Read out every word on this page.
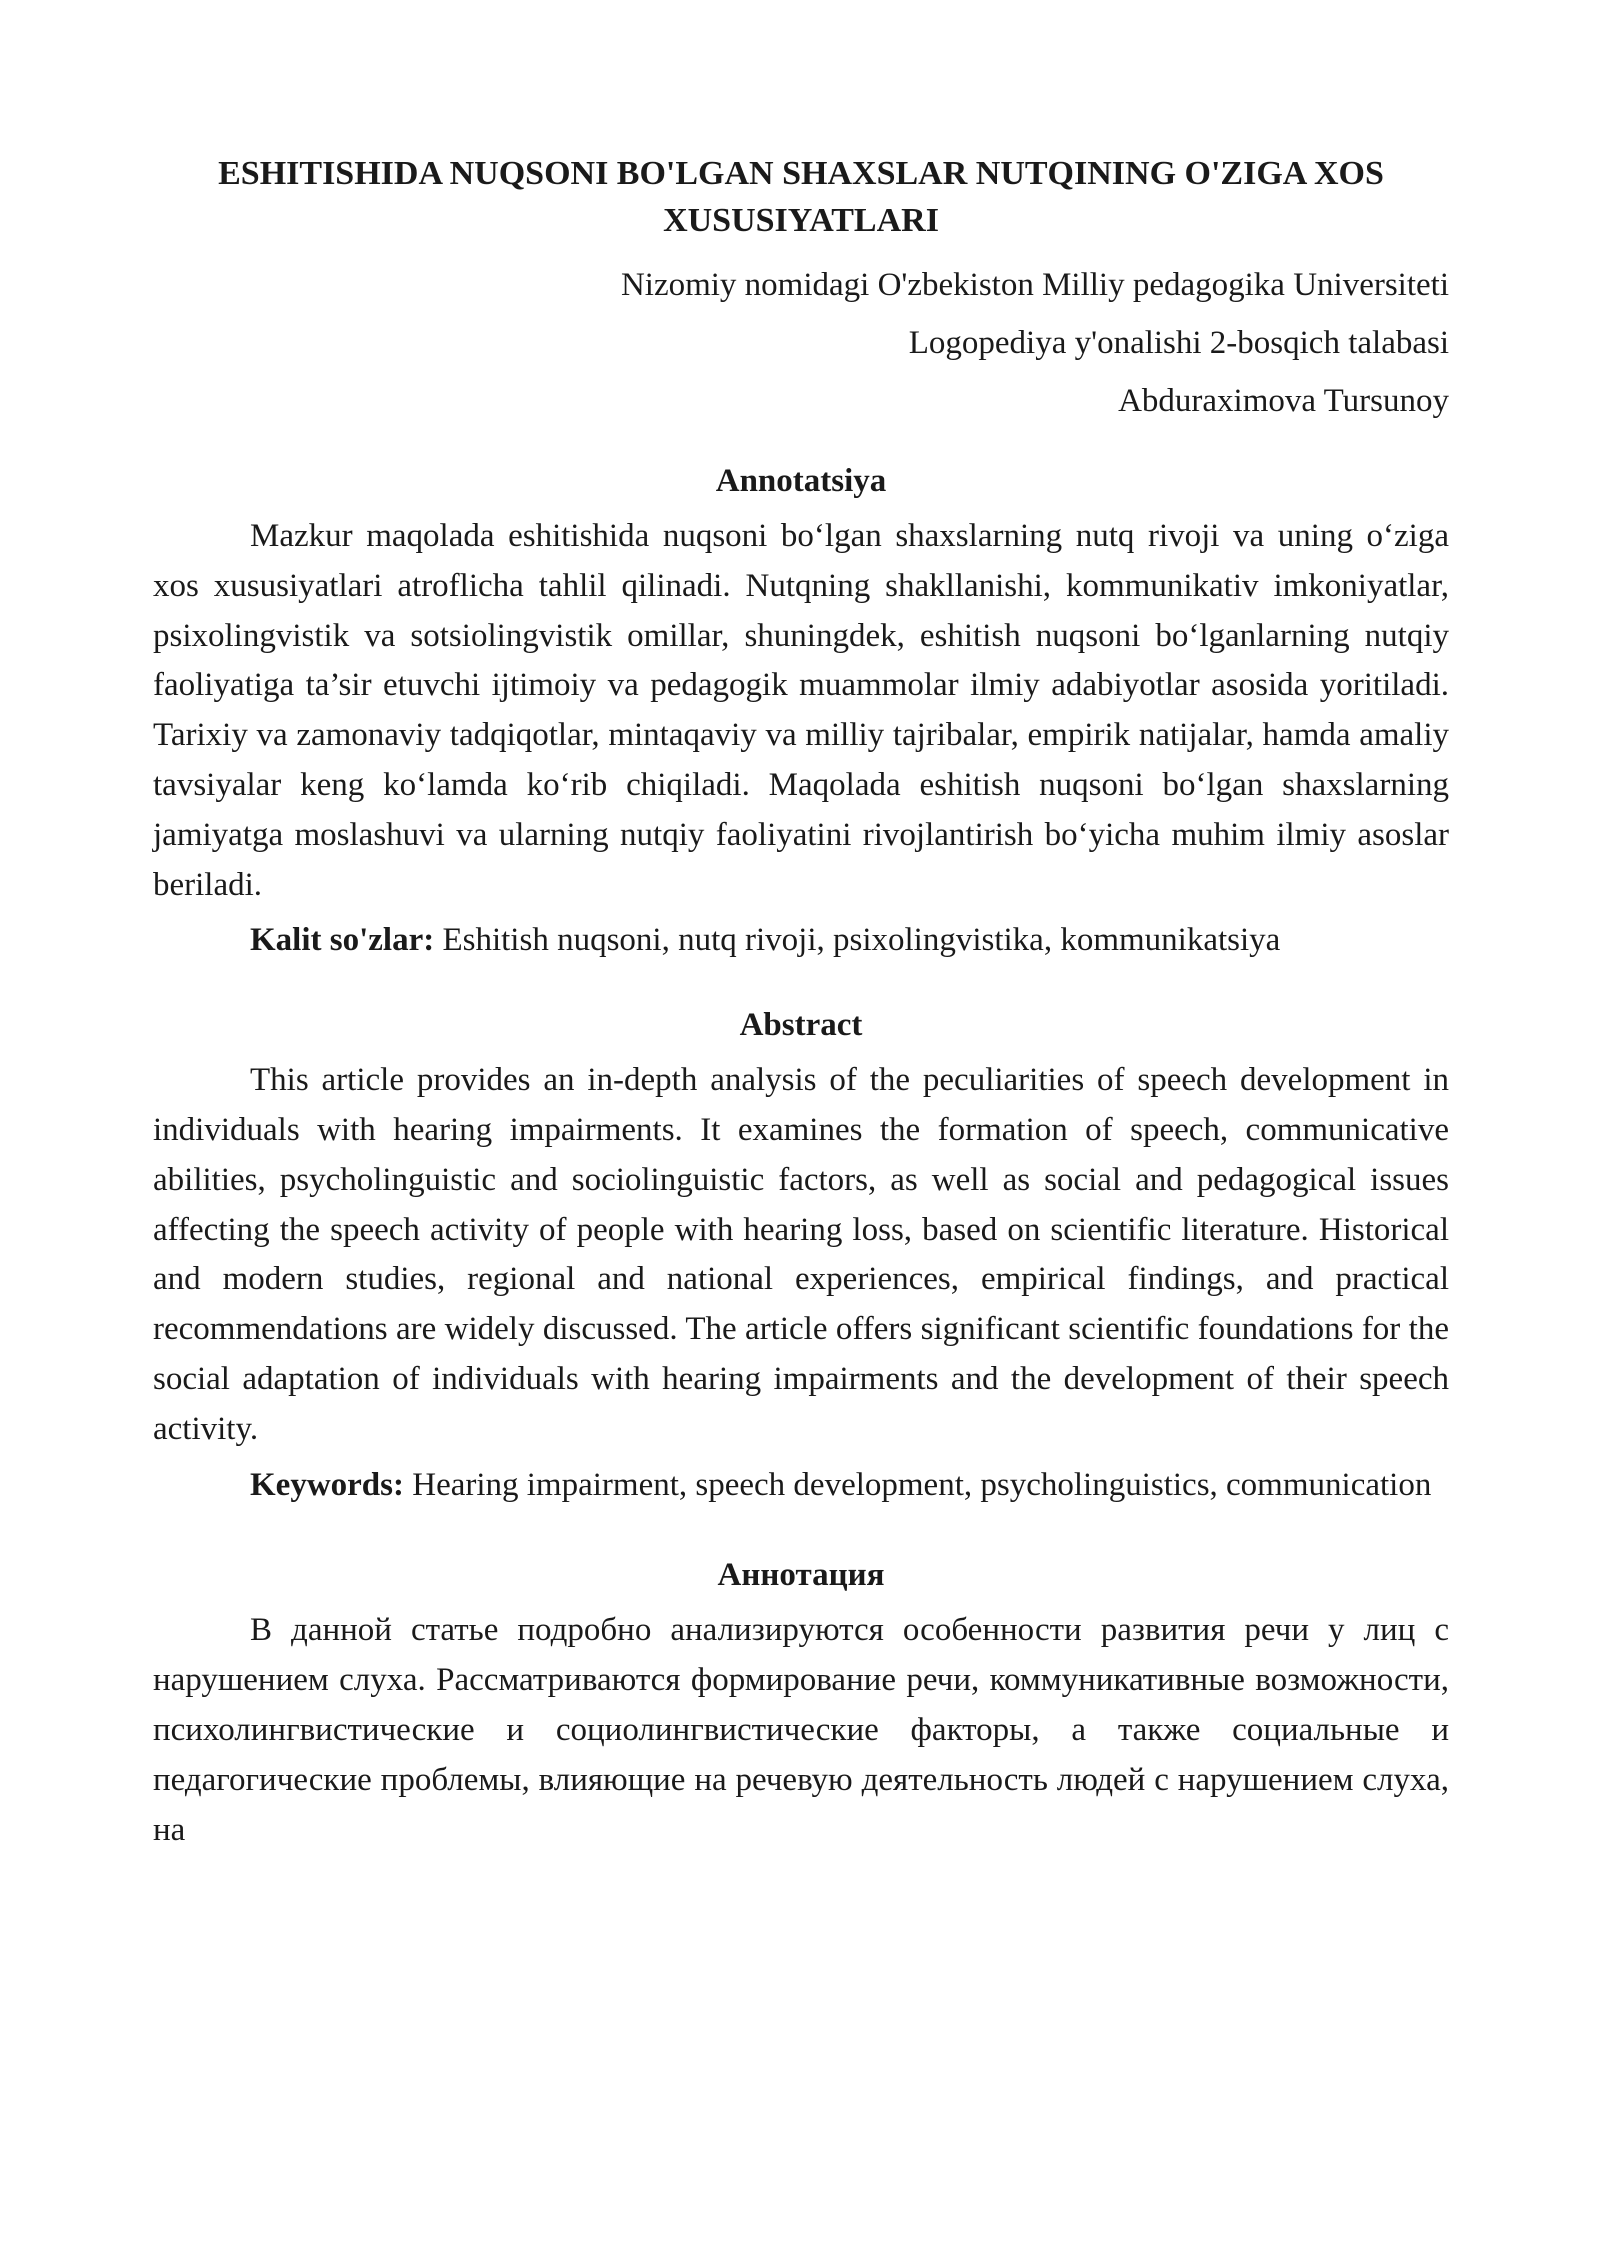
ESHITISHIDA NUQSONI BO'LGAN SHAXSLAR NUTQINING O'ZIGA XOS XUSUSIYATLARI
Nizomiy nomidagi O'zbekiston Milliy pedagogika Universiteti
Logopediya y'onalishi 2-bosqich talabasi
Abduraximova Tursunoy
Annotatsiya

Mazkur maqolada eshitishida nuqsoni bo‘lgan shaxslarning nutq rivoji va uning o‘ziga xos xususiyatlari atroflicha tahlil qilinadi. Nutqning shakllanishi, kommunikativ imkoniyatlar, psixolingvistik va sotsiolingvistik omillar, shuningdek, eshitish nuqsoni bo‘lganlarning nutqiy faoliyatiga ta’sir etuvchi ijtimoiy va pedagogik muammolar ilmiy adabiyotlar asosida yoritiladi. Tarixiy va zamonaviy tadqiqotlar, mintaqaviy va milliy tajribalar, empirik natijalar, hamda amaliy tavsiyalar keng ko‘lamda ko‘rib chiqiladi. Maqolada eshitish nuqsoni bo‘lgan shaxslarning jamiyatga moslashuvi va ularning nutqiy faoliyatini rivojlantirish bo‘yicha muhim ilmiy asoslar beriladi.

Kalit so'zlar: Eshitish nuqsoni, nutq rivoji, psixolingvistika, kommunikatsiya

Abstract

This article provides an in-depth analysis of the peculiarities of speech development in individuals with hearing impairments. It examines the formation of speech, communicative abilities, psycholinguistic and sociolinguistic factors, as well as social and pedagogical issues affecting the speech activity of people with hearing loss, based on scientific literature. Historical and modern studies, regional and national experiences, empirical findings, and practical recommendations are widely discussed. The article offers significant scientific foundations for the social adaptation of individuals with hearing impairments and the development of their speech activity.

Keywords: Hearing impairment, speech development, psycholinguistics, communication

Аннотация

В данной статье подробно анализируются особенности развития речи у лиц с нарушением слуха. Рассматриваются формирование речи, коммуникативные возможности, психолингвистические и социолингвистические факторы, а также социальные и педагогические проблемы, влияющие на речевую деятельность людей с нарушением слуха, на
